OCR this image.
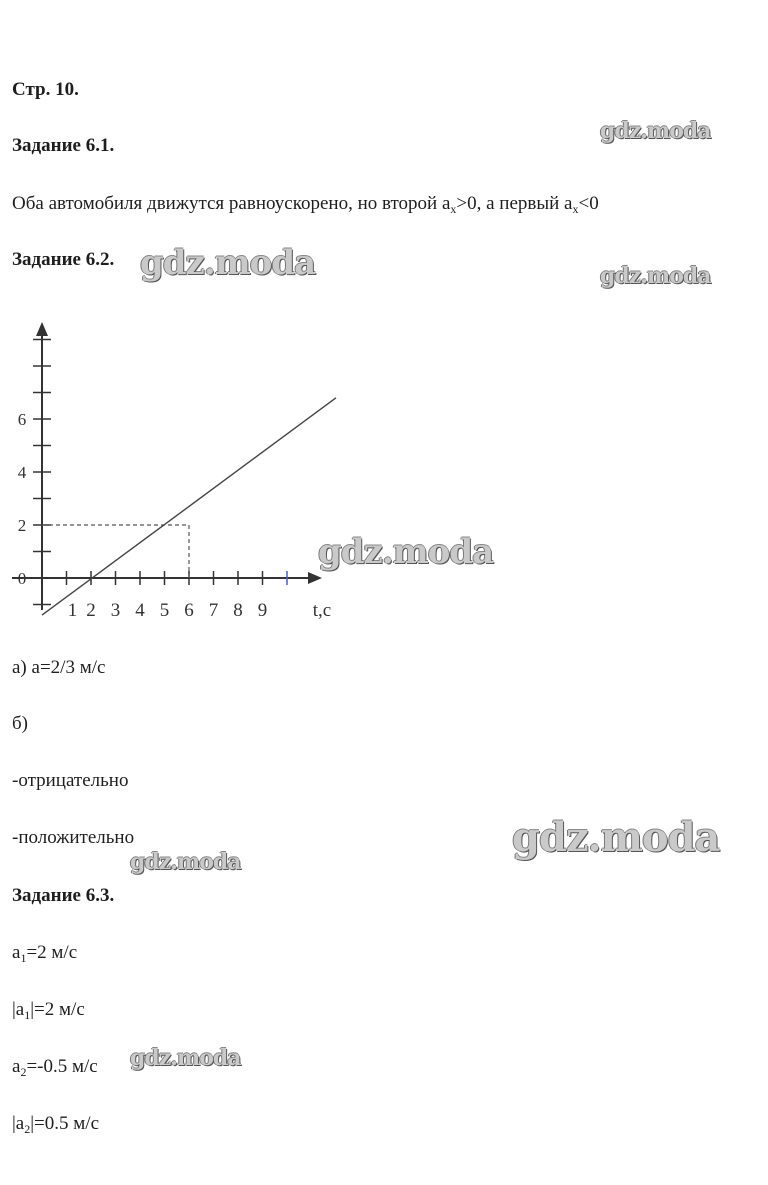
Стр. 10.
Задание 6.1.
Оба автомобиля движутся равноускорено, но второй $a_x>0$, а первый $a_x<0$
Задание 6.2.
1 2 3 4 5 6 7 8 9 t,c
0
2
4
6
а) a=2/3 м/с
б)
-отрицательно
-положительно
Задание 6.3.
$a_1=2$ м/с
$|a_1|=2$ м/с
$a_2=-0.5$ м/с
$|a_2|=0.5$ м/с
gdz.moda
gdz.moda	gdz.moda
gdz.moda
gdz.moda
gdz.moda
gdz.moda
